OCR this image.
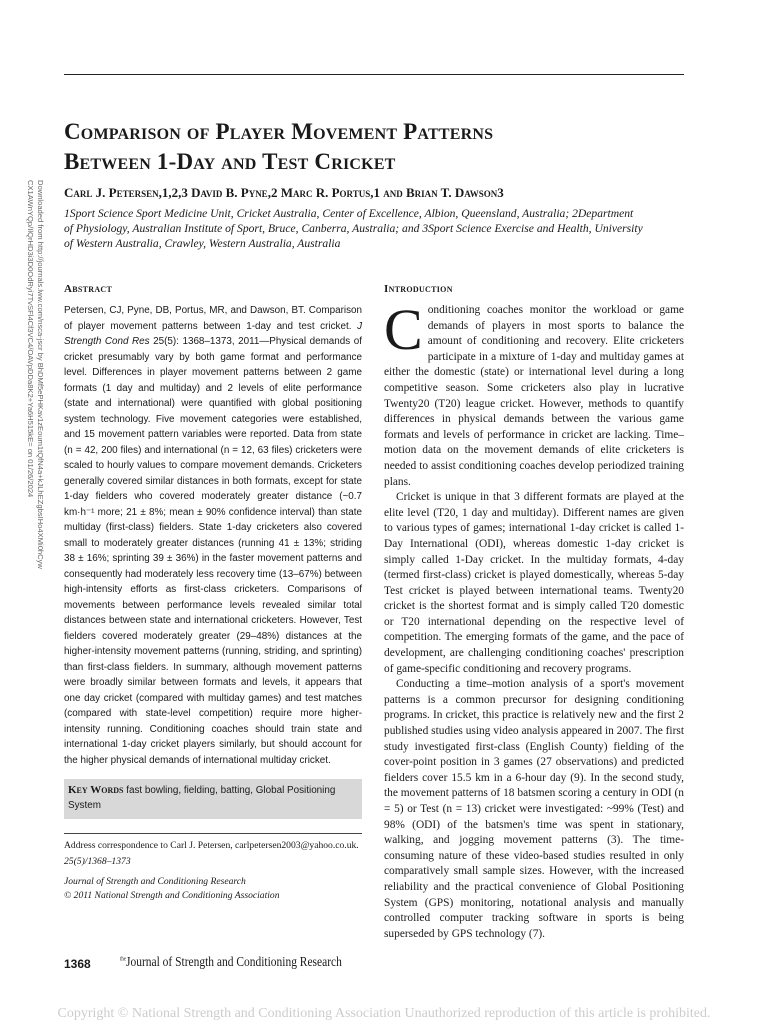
Downloaded from http://journals.lww.com/nsca-jscr by BhDMf5ePHKav1zEoum1tQfN4a+kJLhEZgbsIHo4XMi0hCyw CX1AWnYQp/IlQrHD3i3D0OdRyi7TvSFl4Cf3VC4/OAVpDDa8K2+Ya6H515kE= on 01/26/2024
Comparison of Player Movement Patterns
Between 1-Day and Test Cricket

Carl J. Petersen,1,2,3 David B. Pyne,2 Marc R. Portus,1 and Brian T. Dawson3

1Sport Science Sport Medicine Unit, Cricket Australia, Center of Excellence, Albion, Queensland, Australia; 2Department of Physiology, Australian Institute of Sport, Bruce, Canberra, Australia; and 3Sport Science Exercise and Health, University of Western Australia, Crawley, Western Australia, Australia

Abstract

Petersen, CJ, Pyne, DB, Portus, MR, and Dawson, BT. Comparison of player movement patterns between 1-day and test cricket. J Strength Cond Res 25(5): 1368–1373, 2011—Physical demands of cricket presumably vary by both game format and performance level. Differences in player movement patterns between 2 game formats (1 day and multiday) and 2 levels of elite performance (state and international) were quantified with global positioning system technology. Five movement categories were established, and 15 movement pattern variables were reported. Data from state (n = 42, 200 files) and international (n = 12, 63 files) cricketers were scaled to hourly values to compare movement demands. Cricketers generally covered similar distances in both formats, except for state 1-day fielders who covered moderately greater distance (~0.7 km·h⁻¹ more; 21 ± 8%; mean ± 90% confidence interval) than state multiday (first-class) fielders. State 1-day cricketers also covered small to moderately greater distances (running 41 ± 13%; striding 38 ± 16%; sprinting 39 ± 36%) in the faster movement patterns and consequently had moderately less recovery time (13–67%) between high-intensity efforts as first-class cricketers. Comparisons of movements between performance levels revealed similar total distances between state and international cricketers. However, Test fielders covered moderately greater (29–48%) distances at the higher-intensity movement patterns (running, striding, and sprinting) than first-class fielders. In summary, although movement patterns were broadly similar between formats and levels, it appears that one day cricket (compared with multiday games) and test matches (compared with state-level competition) require more higher-intensity running. Conditioning coaches should train state and international 1-day cricket players similarly, but should account for the higher physical demands of international multiday cricket.

Key Words fast bowling, fielding, batting, Global Positioning System
Address correspondence to Carl J. Petersen, carlpetersen2003@yahoo.co.uk.
25(5)/1368–1373
Journal of Strength and Conditioning Research
© 2011 National Strength and Conditioning Association
Introduction

Conditioning coaches monitor the workload or game demands of players in most sports to balance the amount of conditioning and recovery. Elite cricketers participate in a mixture of 1-day and multiday games at either the domestic (state) or international level during a long competitive season. Some cricketers also play in lucrative Twenty20 (T20) league cricket. However, methods to quantify differences in physical demands between the various game formats and levels of performance in cricket are lacking. Time–motion data on the movement demands of elite cricketers is needed to assist conditioning coaches develop periodized training plans.

Cricket is unique in that 3 different formats are played at the elite level (T20, 1 day and multiday). Different names are given to various types of games; international 1-day cricket is called 1-Day International (ODI), whereas domestic 1-day cricket is simply called 1-Day cricket. In the multiday formats, 4-day (termed first-class) cricket is played domestically, whereas 5-day Test cricket is played between international teams. Twenty20 cricket is the shortest format and is simply called T20 domestic or T20 international depending on the respective level of competition. The emerging formats of the game, and the pace of development, are challenging conditioning coaches' prescription of game-specific conditioning and recovery programs.

Conducting a time–motion analysis of a sport's movement patterns is a common precursor for designing conditioning programs. In cricket, this practice is relatively new and the first 2 published studies using video analysis appeared in 2007. The first study investigated first-class (English County) fielding of the cover-point position in 3 games (27 observations) and predicted fielders cover 15.5 km in a 6-hour day (9). In the second study, the movement patterns of 18 batsmen scoring a century in ODI (n = 5) or Test (n = 13) cricket were investigated: ~99% (Test) and 98% (ODI) of the batsmen's time was spent in stationary, walking, and jogging movement patterns (3). The time-consuming nature of these video-based studies resulted in only comparatively small sample sizes. However, with the increased reliability and the practical convenience of Global Positioning System (GPS) monitoring, notational analysis and manually controlled computer tracking software in sports is being superseded by GPS technology (7).

1368	$^{the}$Journal of Strength and Conditioning Research
Copyright © National Strength and Conditioning Association Unauthorized reproduction of this article is prohibited.
